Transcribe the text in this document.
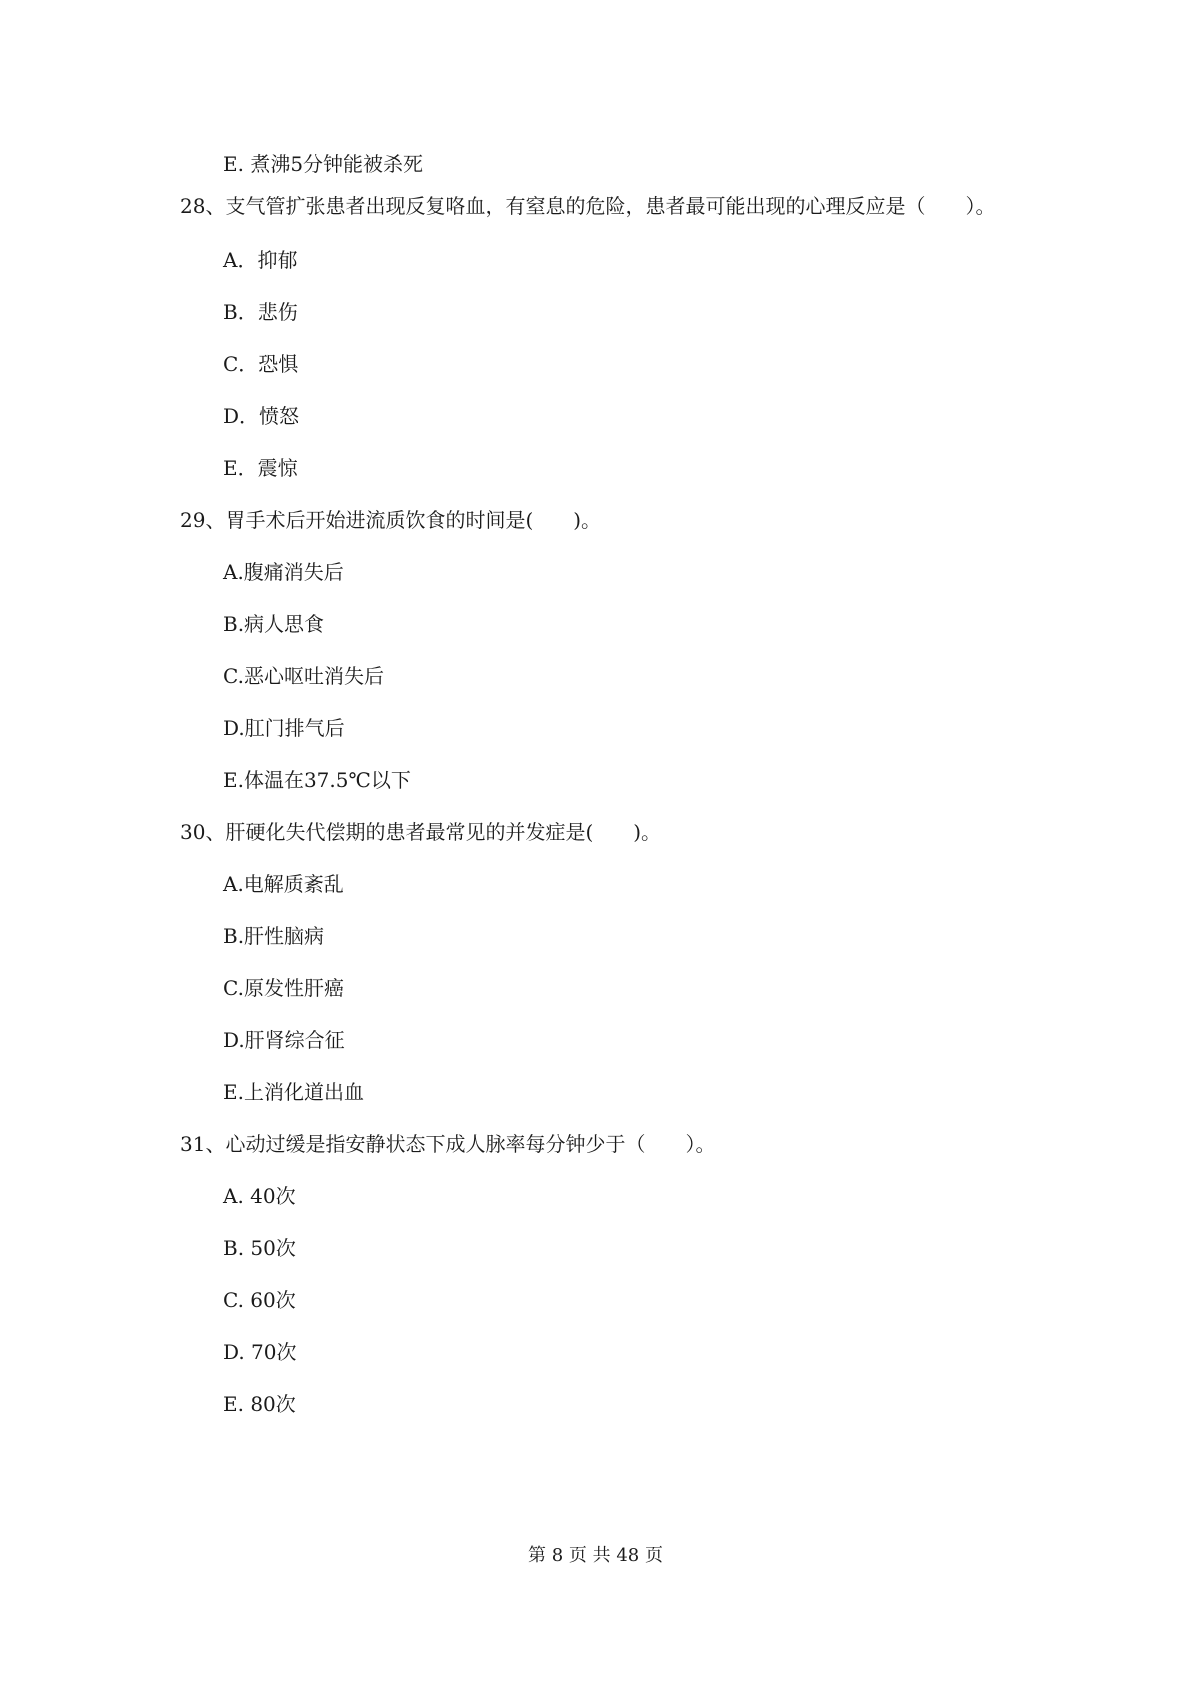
E. 煮沸5分钟能被杀死
28、支气管扩张患者出现反复咯血，有窒息的危险，患者最可能出现的心理反应是（　　）。
A．抑郁
B．悲伤
C．恐惧
D．愤怒
E．震惊
29、胃手术后开始进流质饮食的时间是(　　)。
A.腹痛消失后
B.病人思食
C.恶心呕吐消失后
D.肛门排气后
E.体温在37.5℃以下
30、肝硬化失代偿期的患者最常见的并发症是(　　)。
A.电解质紊乱
B.肝性脑病
C.原发性肝癌
D.肝肾综合征
E.上消化道出血
31、心动过缓是指安静状态下成人脉率每分钟少于（　　）。
A. 40次
B. 50次
C. 60次
D. 70次
E. 80次
第 8 页 共 48 页
